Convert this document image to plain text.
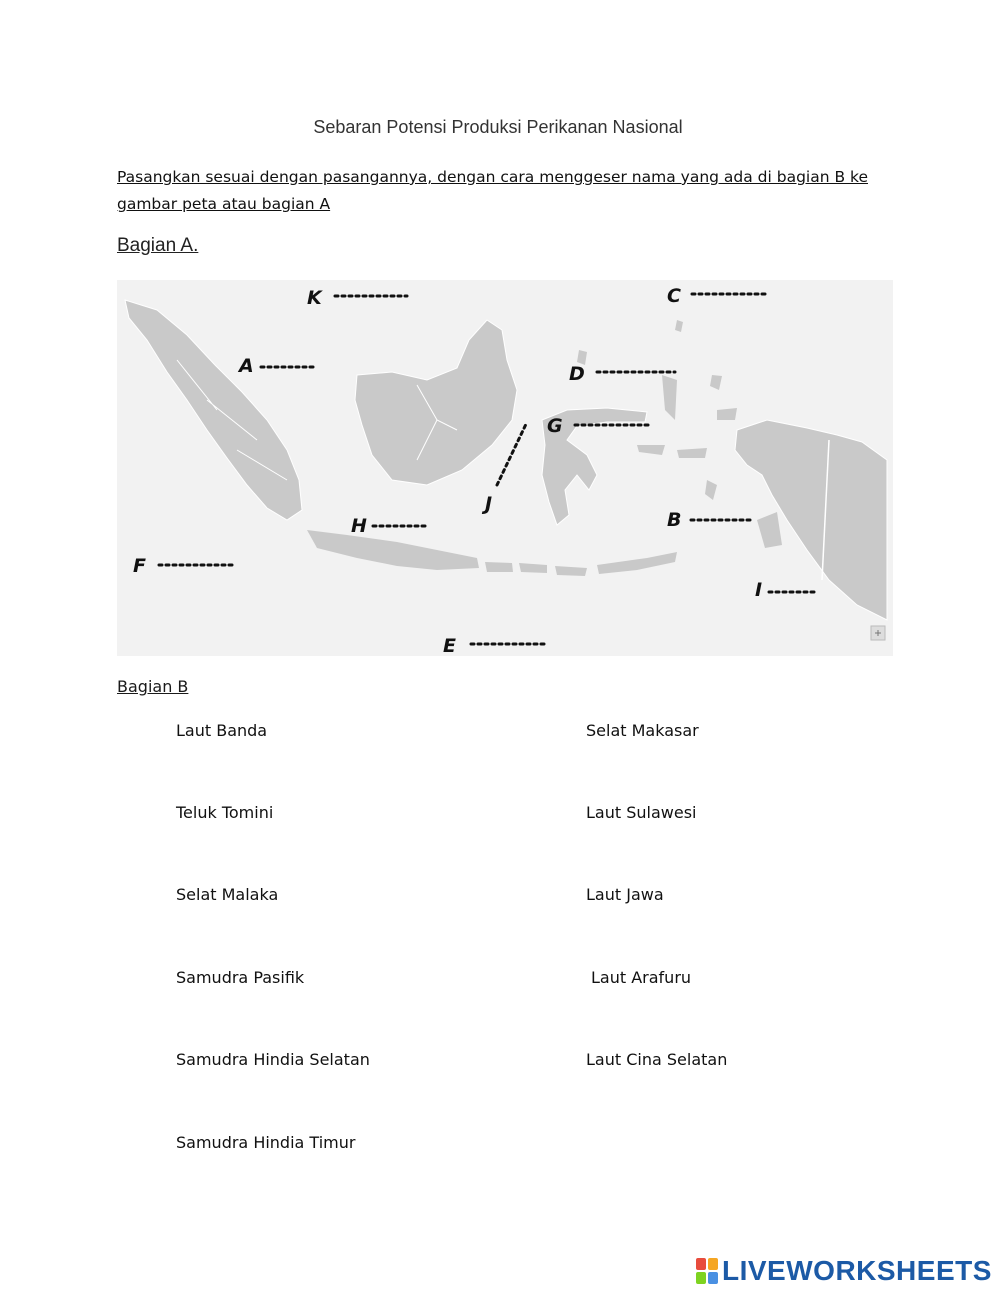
Sebaran Potensi Produksi Perikanan Nasional
Pasangkan sesuai dengan pasangannya, dengan cara menggeser nama yang ada di bagian B ke gambar peta atau bagian A
Bagian A.
K	C
A	D
G
J
B
H
F
I
E
Bagian B
Laut Banda
Teluk Tomini
Selat Malaka
Samudra Pasifik
Samudra Hindia Selatan
Samudra Hindia Timur
Selat Makasar
Laut Sulawesi
Laut Jawa
Laut Arafuru
Laut Cina Selatan
LIVEWORKSHEETS
